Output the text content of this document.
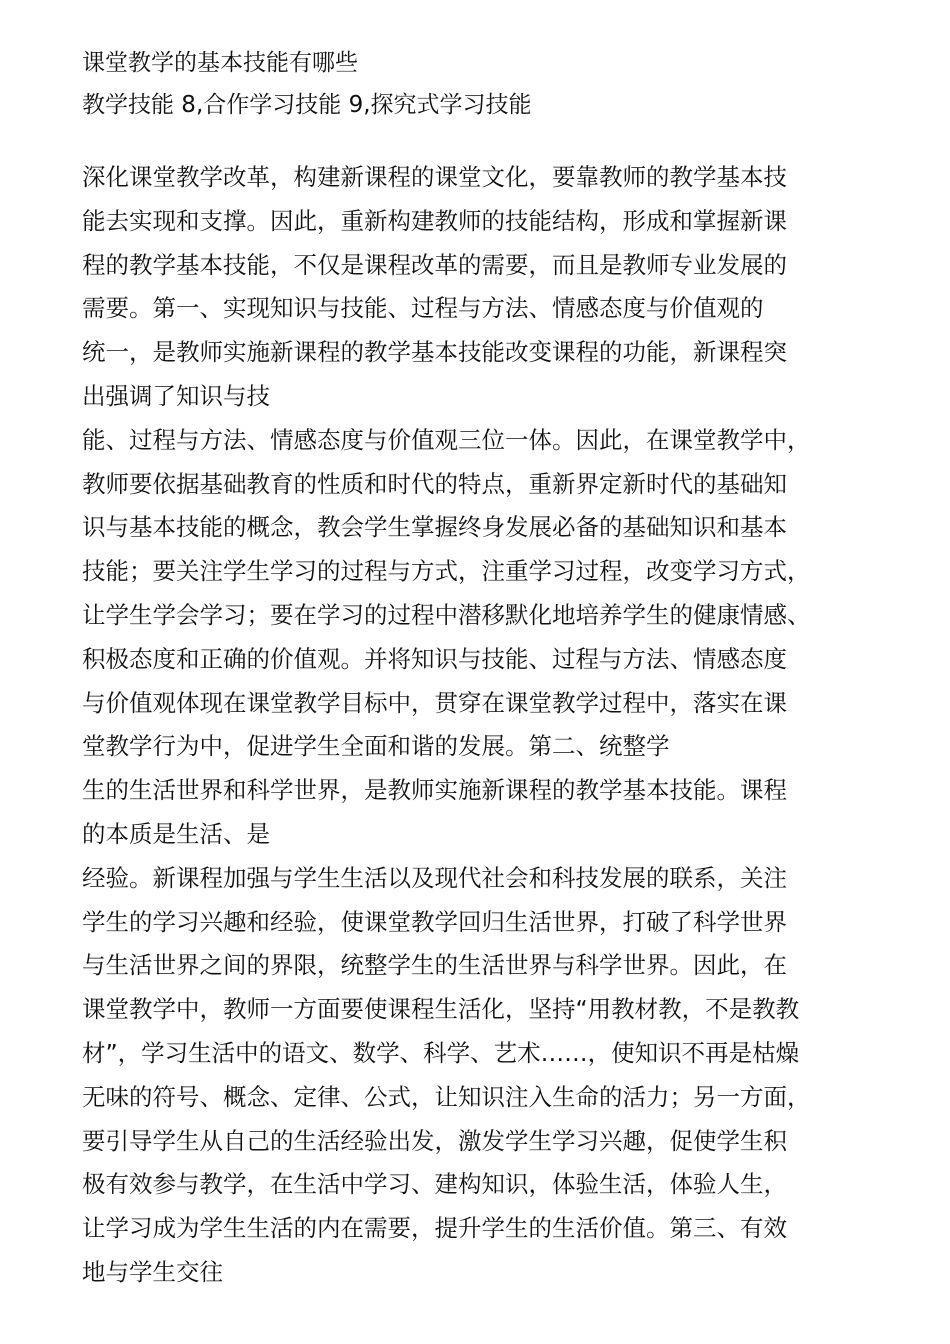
课堂教学的基本技能有哪些

教学技能 8,合作学习技能 9,探究式学习技能

深化课堂教学改革，构建新课程的课堂文化，要靠教师的教学基本技

能去实现和支撑。因此，重新构建教师的技能结构，形成和掌握新课

程的教学基本技能，不仅是课程改革的需要，而且是教师专业发展的

需要。第一、实现知识与技能、过程与方法、情感态度与价值观的

统一，是教师实施新课程的教学基本技能改变课程的功能，新课程突

出强调了知识与技

能、过程与方法、情感态度与价值观三位一体。因此，在课堂教学中，

教师要依据基础教育的性质和时代的特点，重新界定新时代的基础知

识与基本技能的概念，教会学生掌握终身发展必备的基础知识和基本

技能；要关注学生学习的过程与方式，注重学习过程，改变学习方式，

让学生学会学习；要在学习的过程中潜移默化地培养学生的健康情感、

积极态度和正确的价值观。并将知识与技能、过程与方法、情感态度

与价值观体现在课堂教学目标中，贯穿在课堂教学过程中，落实在课

堂教学行为中，促进学生全面和谐的发展。第二、统整学

生的生活世界和科学世界，是教师实施新课程的教学基本技能。课程

的本质是生活、是

经验。新课程加强与学生生活以及现代社会和科技发展的联系，关注

学生的学习兴趣和经验，使课堂教学回归生活世界，打破了科学世界

与生活世界之间的界限，统整学生的生活世界与科学世界。因此，在

课堂教学中，教师一方面要使课程生活化，坚持“用教材教，不是教教

材”，学习生活中的语文、数学、科学、艺术……，使知识不再是枯燥

无味的符号、概念、定律、公式，让知识注入生命的活力；另一方面，

要引导学生从自己的生活经验出发，激发学生学习兴趣，促使学生积

极有效参与教学，在生活中学习、建构知识，体验生活，体验人生，

让学习成为学生生活的内在需要，提升学生的生活价值。第三、有效

地与学生交往
